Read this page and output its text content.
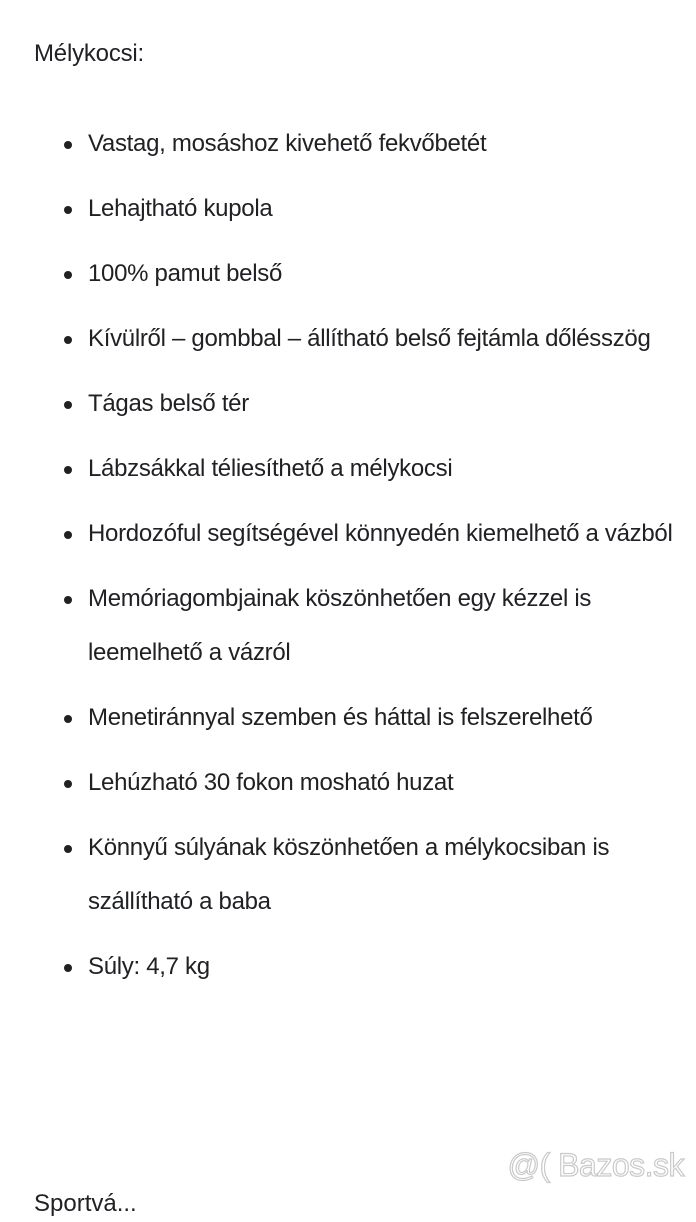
Mélykocsi:

Vastag, mosáshoz kivehető fekvőbetét
Lehajtható kupola
100% pamut belső
Kívülről – gombbal – állítható belső fejtámla dőlésszög
Tágas belső tér
Lábzsákkal téliesíthető a mélykocsi
Hordozóful segítségével könnyedén kiemelhető a vázból
Memóriagombjainak köszönhetően egy kézzel is leemelhető a vázról
Menetiránnyal szemben és háttal is felszerelhető
Lehúzható 30 fokon mosható huzat
Könnyű súlyának köszönhetően a mélykocsiban is szállítható a baba
Súly: 4,7 kg
Sportvá...
@( Bazos.sk
